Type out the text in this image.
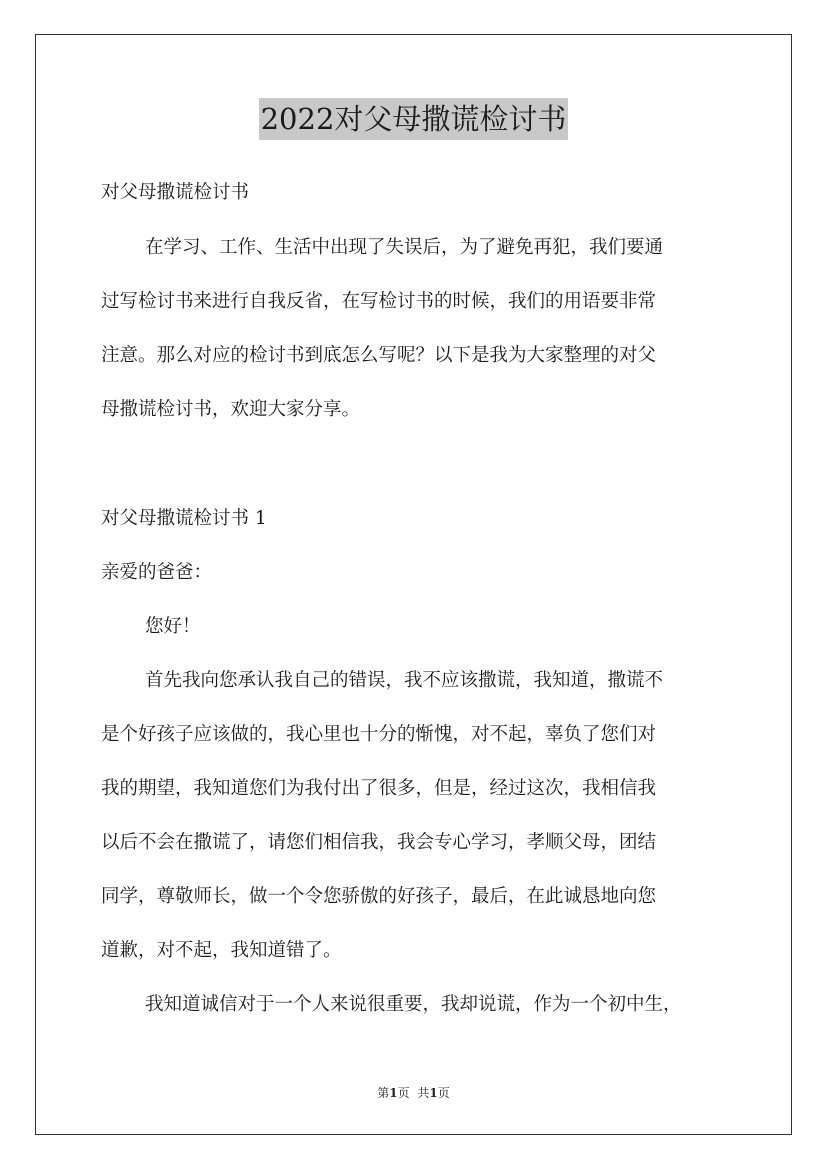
2022对父母撒谎检讨书
对父母撒谎检讨书
在学习、工作、生活中出现了失误后，为了避免再犯，我们要通
过写检讨书来进行自我反省，在写检讨书的时候，我们的用语要非常
注意。那么对应的检讨书到底怎么写呢？以下是我为大家整理的对父
母撒谎检讨书，欢迎大家分享。
对父母撒谎检讨书 1
亲爱的爸爸：
您好！
首先我向您承认我自己的错误，我不应该撒谎，我知道，撒谎不
是个好孩子应该做的，我心里也十分的惭愧，对不起，辜负了您们对
我的期望，我知道您们为我付出了很多，但是，经过这次，我相信我
以后不会在撒谎了，请您们相信我，我会专心学习，孝顺父母，团结
同学，尊敬师长，做一个令您骄傲的好孩子，最后，在此诚恳地向您
道歉，对不起，我知道错了。
我知道诚信对于一个人来说很重要，我却说谎，作为一个初中生，
第1页 共1页
